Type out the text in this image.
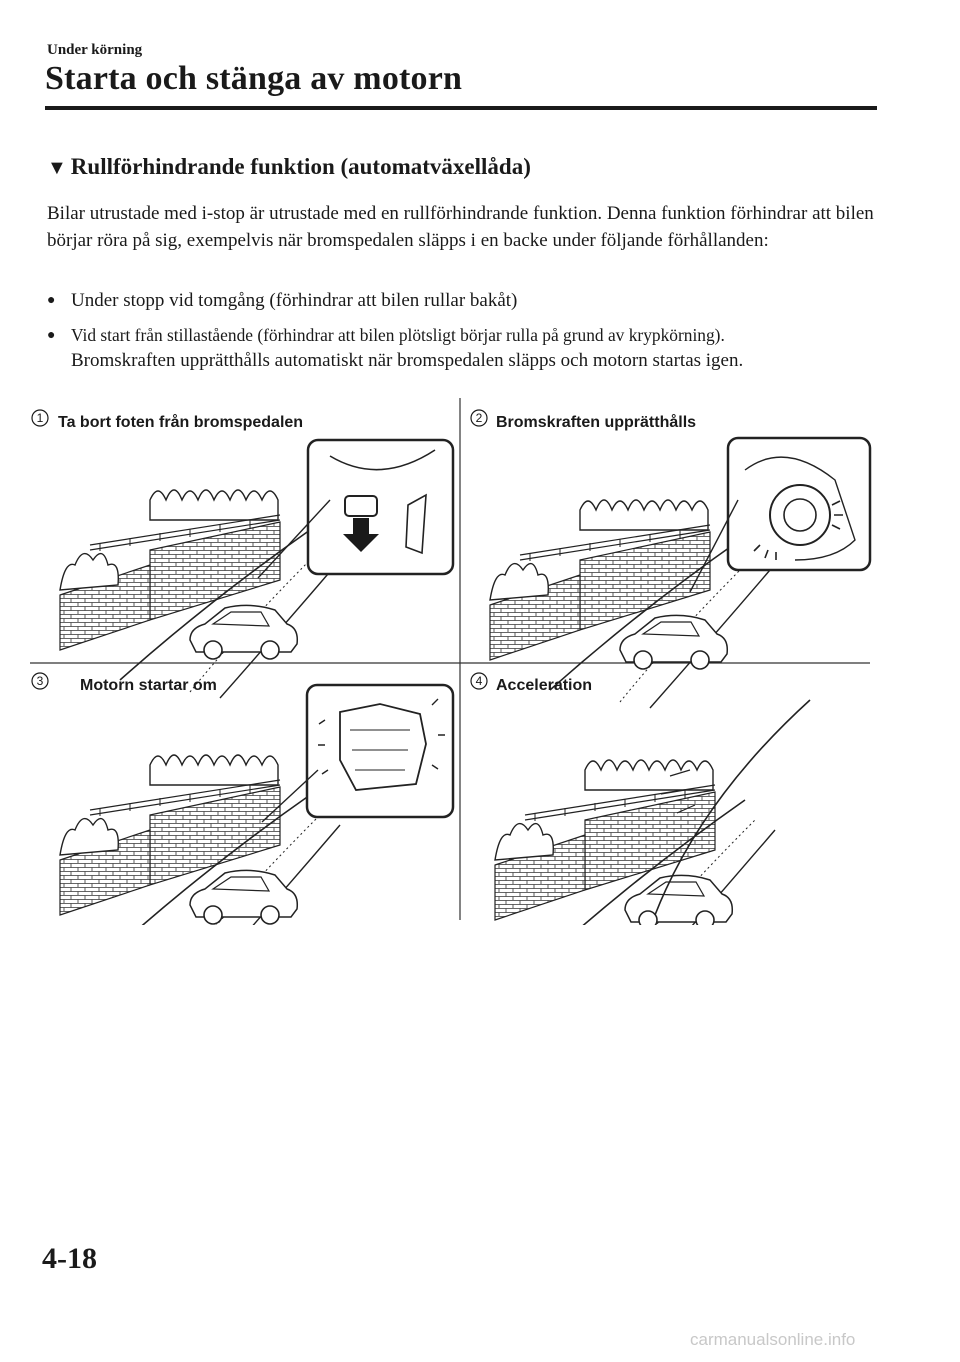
Under körning
Starta och stänga av motorn
▼ Rullförhindrande funktion (automatväxellåda)
Bilar utrustade med i-stop är utrustade med en rullförhindrande funktion. Denna funktion förhindrar att bilen börjar röra på sig, exempelvis när bromspedalen släpps i en backe under följande förhållanden:
● Under stopp vid tomgång (förhindrar att bilen rullar bakåt)
● Vid start från stillastående (förhindrar att bilen plötsligt börjar rulla på grund av krypkörning).
Bromskraften upprätthålls automatiskt när bromspedalen släpps och motorn startas igen.
1 Ta bort foten från bromspedalen	2 Bromskraften upprätthålls
3 Motorn startar om	4 Acceleration
4-18
carmanualsonline.info
